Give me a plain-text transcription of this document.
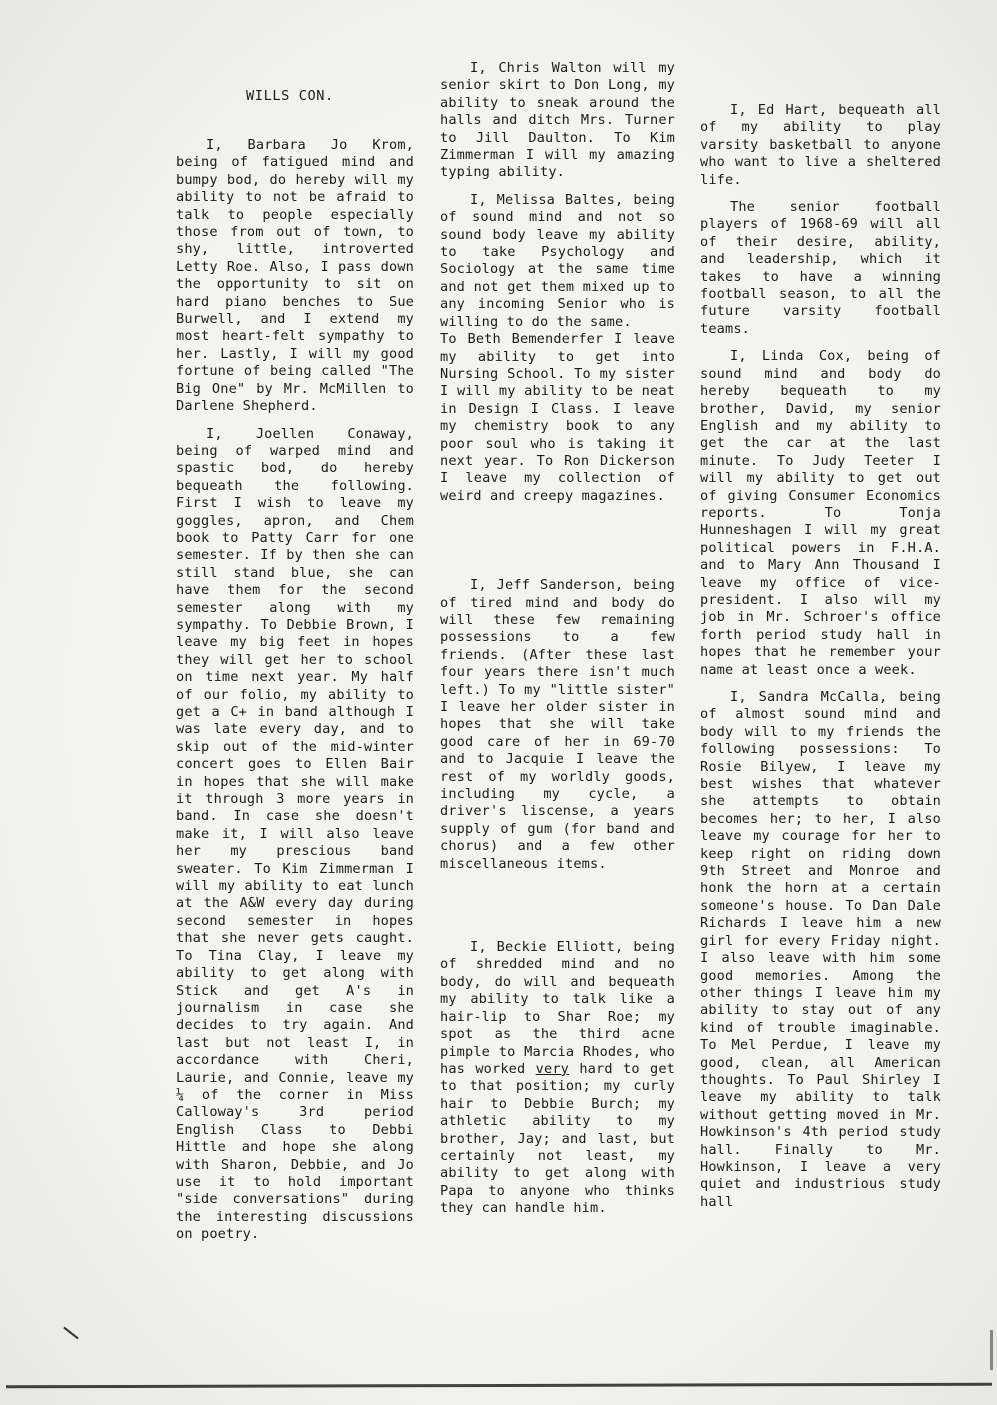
WILLS CON.

I, Barbara Jo Krom, being of fatigued mind and bumpy bod, do hereby will my ability to not be afraid to talk to people especially those from out of town, to shy, little, introverted Letty Roe. Also, I pass down the opportunity to sit on hard piano benches to Sue Burwell, and I extend my most heart-felt sympathy to her. Lastly, I will my good fortune of being called "The Big One" by Mr. McMillen to Darlene Shepherd.

I, Joellen Conaway, being of warped mind and spastic bod, do hereby bequeath the following. First I wish to leave my goggles, apron, and Chem book to Patty Carr for one semester. If by then she can still stand blue, she can have them for the second semester along with my sympathy. To Debbie Brown, I leave my big feet in hopes they will get her to school on time next year. My half of our folio, my ability to get a C+ in band although I was late every day, and to skip out of the mid-winter concert goes to Ellen Bair in hopes that she will make it through 3 more years in band. In case she doesn't make it, I will also leave her my prescious band sweater. To Kim Zimmerman I will my ability to eat lunch at the A&W every day during second semester in hopes that she never gets caught. To Tina Clay, I leave my ability to get along with Stick and get A's in journalism in case she decides to try again. And last but not least I, in accordance with Cheri, Laurie, and Connie, leave my ¼ of the corner in Miss Calloway's 3rd period English Class to Debbi Hittle and hope she along with Sharon, Debbie, and Jo use it to hold important "side conversations" during the interesting discussions on poetry.

I, Chris Walton will my senior skirt to Don Long, my ability to sneak around the halls and ditch Mrs. Turner to Jill Daulton. To Kim Zimmerman I will my amazing typing ability.

I, Melissa Baltes, being of sound mind and not so sound body leave my ability to take Psychology and Sociology at the same time and not get them mixed up to any incoming Senior who is willing to do the same.

To Beth Bemenderfer I leave my ability to get into Nursing School. To my sister I will my ability to be neat in Design I Class. I leave my chemistry book to any poor soul who is taking it next year. To Ron Dickerson I leave my collection of weird and creepy magazines.

I, Jeff Sanderson, being of tired mind and body do will these few remaining possessions to a few friends. (After these last four years there isn't much left.) To my "little sister" I leave her older sister in hopes that she will take good care of her in 69-70 and to Jacquie I leave the rest of my worldly goods, including my cycle, a driver's liscense, a years supply of gum (for band and chorus) and a few other miscellaneous items.

I, Beckie Elliott, being of shredded mind and no body, do will and bequeath my ability to talk like a hair-lip to Shar Roe; my spot as the third acne pimple to Marcia Rhodes, who has worked very hard to get to that position; my curly hair to Debbie Burch; my athletic ability to my brother, Jay; and last, but certainly not least, my ability to get along with Papa to anyone who thinks they can handle him.

I, Ed Hart, bequeath all of my ability to play varsity basketball to anyone who want to live a sheltered life.

The senior football players of 1968-69 will all of their desire, ability, and leadership, which it takes to have a winning football season, to all the future varsity football teams.

I, Linda Cox, being of sound mind and body do hereby bequeath to my brother, David, my senior English and my ability to get the car at the last minute. To Judy Teeter I will my ability to get out of giving Consumer Economics reports. To Tonja Hunneshagen I will my great political powers in F.H.A. and to Mary Ann Thousand I leave my office of vice-president. I also will my job in Mr. Schroer's office forth period study hall in hopes that he remember your name at least once a week.

I, Sandra McCalla, being of almost sound mind and body will to my friends the following possessions: To Rosie Bilyew, I leave my best wishes that whatever she attempts to obtain becomes her; to her, I also leave my courage for her to keep right on riding down 9th Street and Monroe and honk the horn at a certain someone's house. To Dan Dale Richards I leave him a new girl for every Friday night. I also leave with him some good memories. Among the other things I leave him my ability to stay out of any kind of trouble imaginable. To Mel Perdue, I leave my good, clean, all American thoughts. To Paul Shirley I leave my ability to talk without getting moved in Mr. Howkinson's 4th period study hall. Finally to Mr. Howkinson, I leave a very quiet and industrious study hall
